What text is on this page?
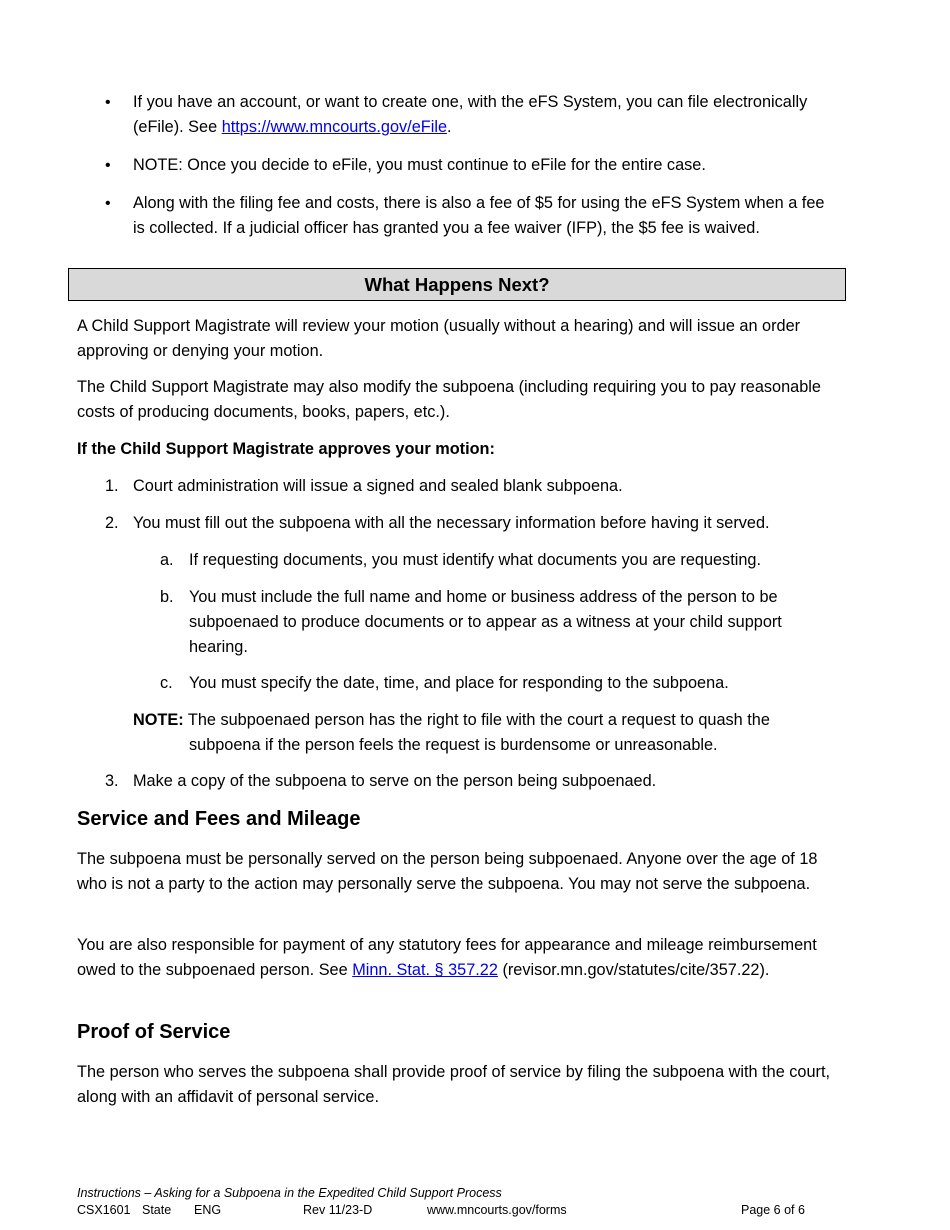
•	If you have an account, or want to create one, with the eFS System, you can file electronically (eFile). See https://www.mncourts.gov/eFile.
•	NOTE: Once you decide to eFile, you must continue to eFile for the entire case.
•	Along with the filing fee and costs, there is also a fee of $5 for using the eFS System when a fee is collected. If a judicial officer has granted you a fee waiver (IFP), the $5 fee is waived.
What Happens Next?
A Child Support Magistrate will review your motion (usually without a hearing) and will issue an order approving or denying your motion.
The Child Support Magistrate may also modify the subpoena (including requiring you to pay reasonable costs of producing documents, books, papers, etc.).
If the Child Support Magistrate approves your motion:
1. Court administration will issue a signed and sealed blank subpoena.
2. You must fill out the subpoena with all the necessary information before having it served.
a. If requesting documents, you must identify what documents you are requesting.
b. You must include the full name and home or business address of the person to be subpoenaed to produce documents or to appear as a witness at your child support hearing.
c.	You must specify the date, time, and place for responding to the subpoena.
NOTE: The subpoenaed person has the right to file with the court a request to quash the
subpoena if the person feels the request is burdensome or unreasonable.
3. Make a copy of the subpoena to serve on the person being subpoenaed.
Service and Fees and Mileage
The subpoena must be personally served on the person being subpoenaed. Anyone over the age of 18 who is not a party to the action may personally serve the subpoena. You may not serve the subpoena.
You are also responsible for payment of any statutory fees for appearance and mileage reimbursement owed to the subpoenaed person. See Minn. Stat. § 357.22 (revisor.mn.gov/statutes/cite/357.22).
Proof of Service
The person who serves the subpoena shall provide proof of service by filing the subpoena with the court, along with an affidavit of personal service.
Instructions – Asking for a Subpoena in the Expedited Child Support Process
CSX1601 State ENG	Rev 11/23-D	www.mncourts.gov/forms	Page 6 of 6
